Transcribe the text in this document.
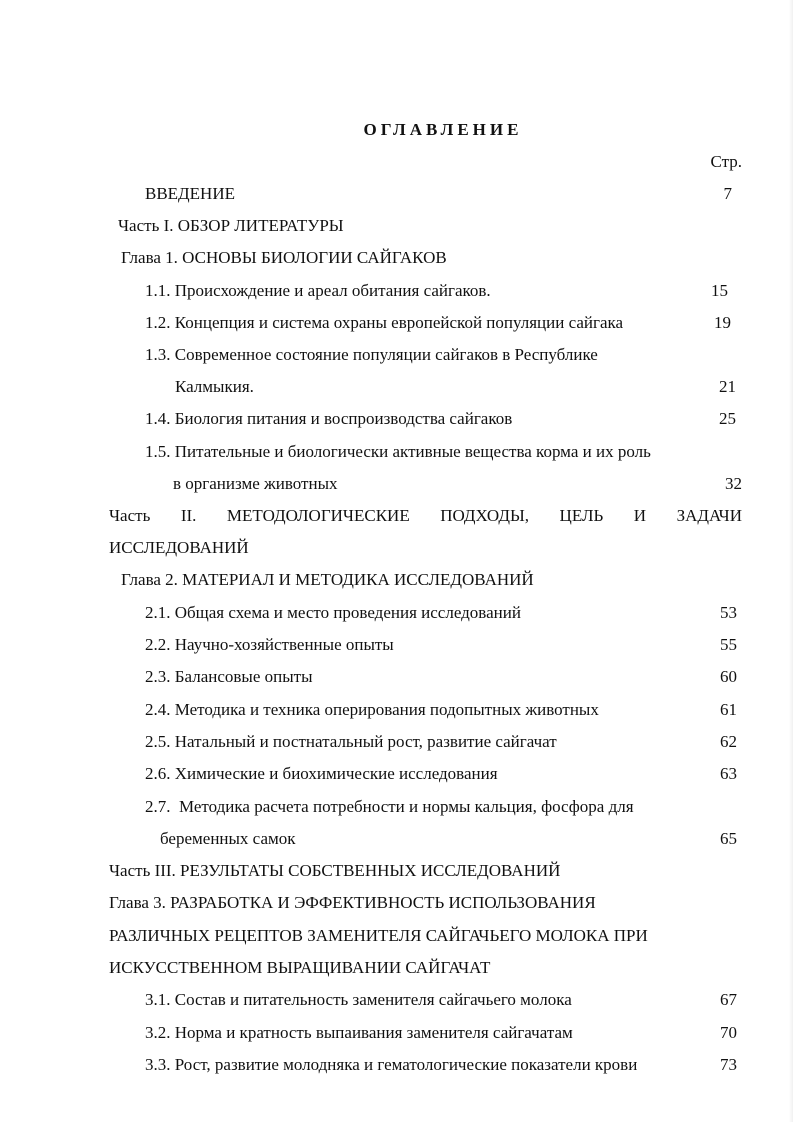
ОГЛАВЛЕНИЕ
Стр.
ВВЕДЕНИЕ	7
Часть I. ОБЗОР ЛИТЕРАТУРЫ
Глава 1. ОСНОВЫ БИОЛОГИИ САЙГАКОВ
1.1. Происхождение и ареал обитания сайгаков.	15
1.2. Концепция и система охраны европейской популяции сайгака	19
1.3. Современное состояние популяции сайгаков в Республике
Калмыкия.	21
1.4. Биология питания и воспроизводства сайгаков	25
1.5. Питательные и биологически активные вещества корма и их роль
в организме животных	32
Часть II. МЕТОДОЛОГИЧЕСКИЕ ПОДХОДЫ, ЦЕЛЬ И ЗАДАЧИ
ИССЛЕДОВАНИЙ
Глава 2. МАТЕРИАЛ И МЕТОДИКА ИССЛЕДОВАНИЙ
2.1. Общая схема и место проведения исследований	53
2.2. Научно-хозяйственные опыты	55
2.3. Балансовые опыты	60
2.4. Методика и техника оперирования подопытных животных	61
2.5. Натальный и постнатальный рост, развитие сайгачат	62
2.6. Химические и биохимические исследования	63
2.7.  Методика расчета потребности и нормы кальция, фосфора для
беременных самок	65
Часть III. РЕЗУЛЬТАТЫ СОБСТВЕННЫХ ИССЛЕДОВАНИЙ
Глава 3. РАЗРАБОТКА И ЭФФЕКТИВНОСТЬ ИСПОЛЬЗОВАНИЯ
РАЗЛИЧНЫХ РЕЦЕПТОВ ЗАМЕНИТЕЛЯ САЙГАЧЬЕГО МОЛОКА ПРИ
ИСКУССТВЕННОМ ВЫРАЩИВАНИИ САЙГАЧАТ
3.1. Состав и питательность заменителя сайгачьего молока	67
3.2. Норма и кратность выпаивания заменителя сайгачатам	70
3.3. Рост, развитие молодняка и гематологические показатели крови	73
